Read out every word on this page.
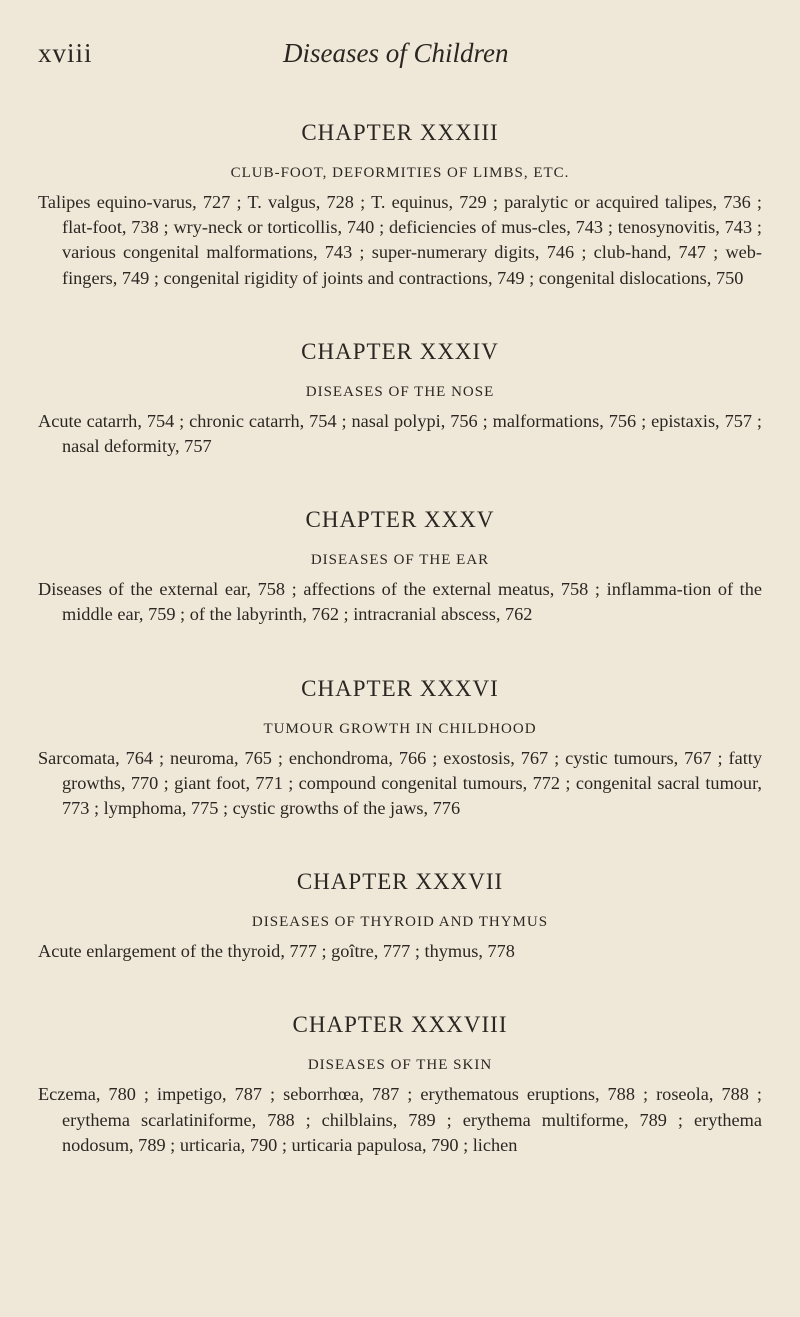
xviii	Diseases of Children
CHAPTER XXXIII
CLUB-FOOT, DEFORMITIES OF LIMBS, ETC.

Talipes equino-varus, 727 ; T. valgus, 728 ; T. equinus, 729 ; paralytic or acquired talipes, 736 ; flat-foot, 738 ; wry-neck or torticollis, 740 ; deficiencies of mus-cles, 743 ; tenosynovitis, 743 ; various congenital malformations, 743 ; super-numerary digits, 746 ; club-hand, 747 ; web-fingers, 749 ; congenital rigidity of joints and contractions, 749 ; congenital dislocations, 750

CHAPTER XXXIV
DISEASES OF THE NOSE

Acute catarrh, 754 ; chronic catarrh, 754 ; nasal polypi, 756 ; malformations, 756 ; epistaxis, 757 ; nasal deformity, 757

CHAPTER XXXV
DISEASES OF THE EAR

Diseases of the external ear, 758 ; affections of the external meatus, 758 ; inflamma-tion of the middle ear, 759 ; of the labyrinth, 762 ; intracranial abscess, 762

CHAPTER XXXVI
TUMOUR GROWTH IN CHILDHOOD

Sarcomata, 764 ; neuroma, 765 ; enchondroma, 766 ; exostosis, 767 ; cystic tumours, 767 ; fatty growths, 770 ; giant foot, 771 ; compound congenital tumours, 772 ; congenital sacral tumour, 773 ; lymphoma, 775 ; cystic growths of the jaws, 776

CHAPTER XXXVII
DISEASES OF THYROID AND THYMUS

Acute enlargement of the thyroid, 777 ; goître, 777 ; thymus, 778

CHAPTER XXXVIII
DISEASES OF THE SKIN

Eczema, 780 ; impetigo, 787 ; seborrhœa, 787 ; erythematous eruptions, 788 ; roseola, 788 ; erythema scarlatiniforme, 788 ; chilblains, 789 ; erythema multiforme, 789 ; erythema nodosum, 789 ; urticaria, 790 ; urticaria papulosa, 790 ; lichen
